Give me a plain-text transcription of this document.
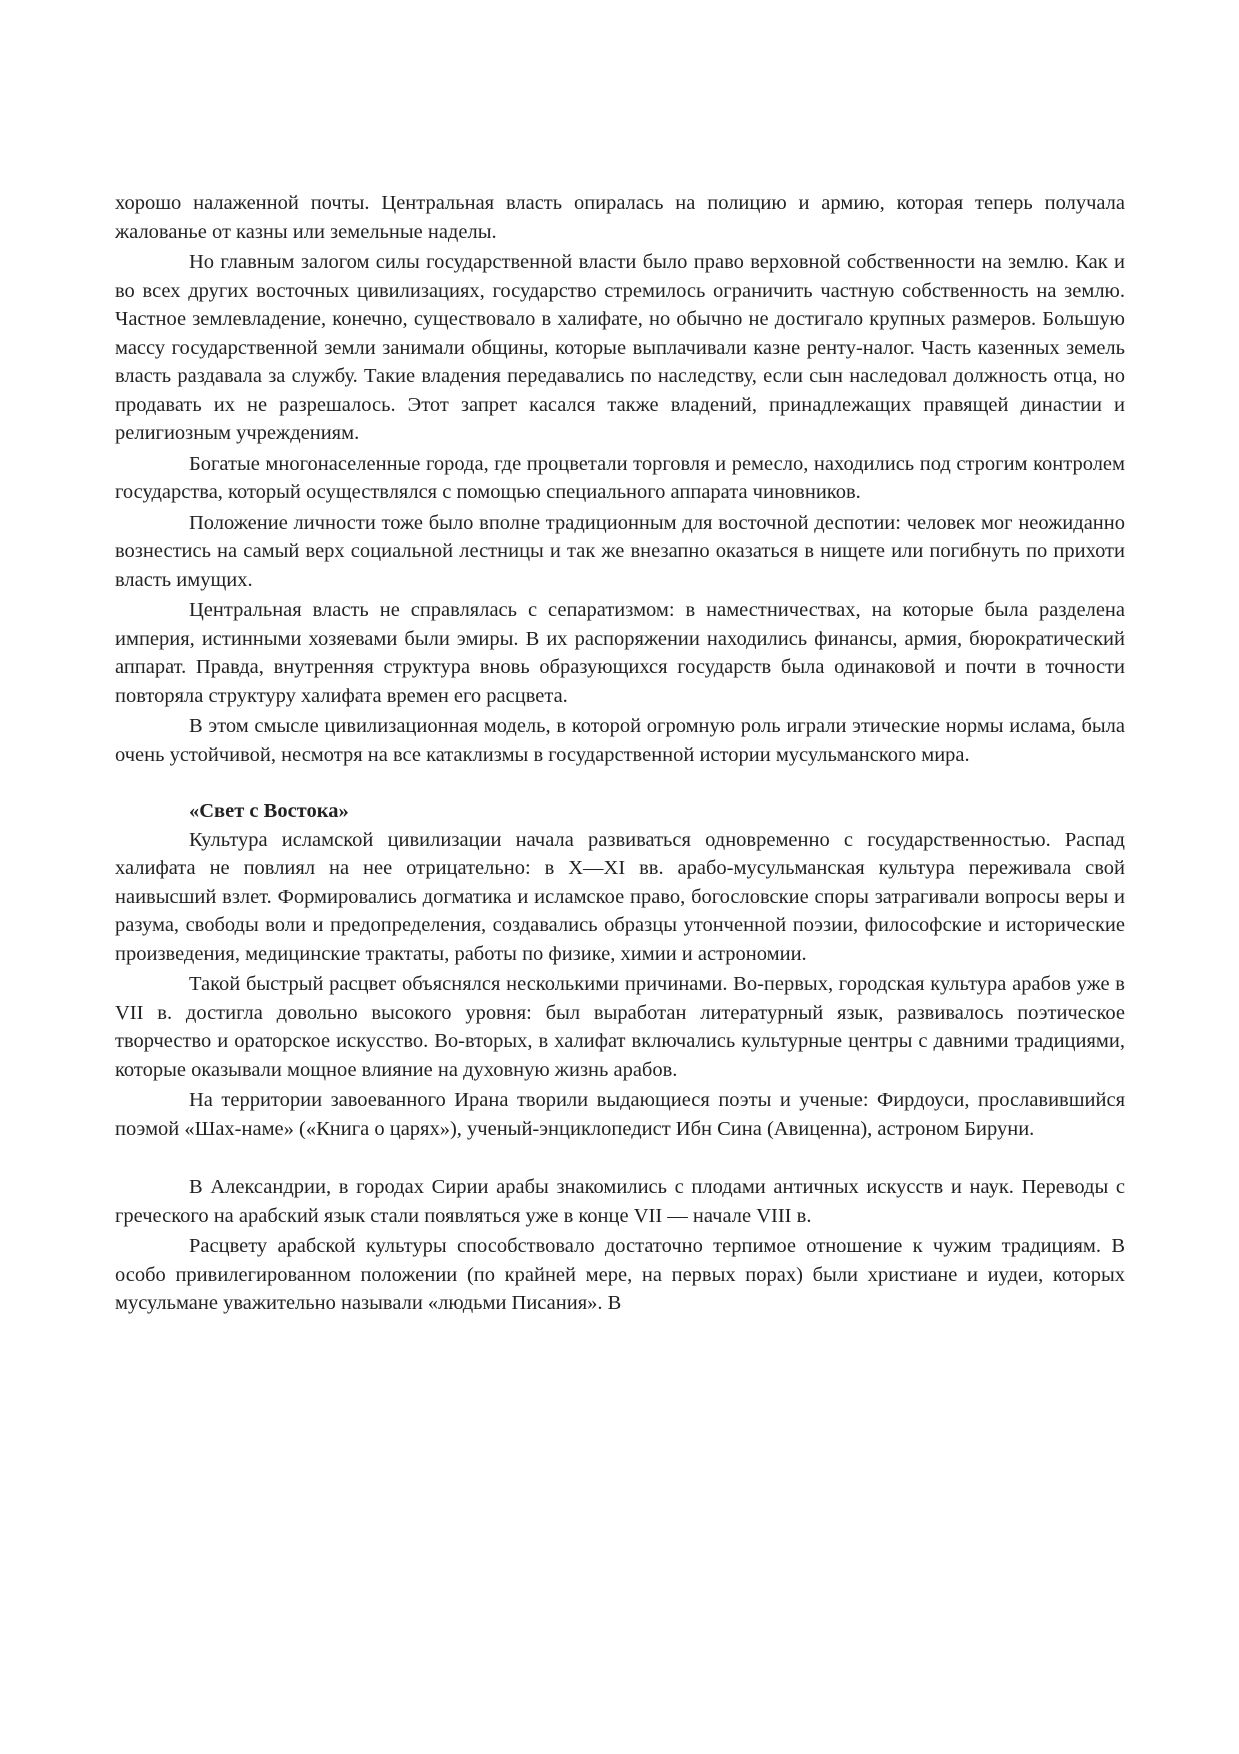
хорошо налаженной почты. Центральная власть опиралась на полицию и армию, которая теперь получала жалованье от казны или земельные наделы.

Но главным залогом силы государственной власти было право верховной собственности на землю. Как и во всех других восточных цивилизациях, государство стремилось ограничить частную собственность на землю. Частное землевладение, конечно, существовало в халифате, но обычно не достигало крупных размеров. Большую массу государственной земли занимали общины, которые выплачивали казне ренту-налог. Часть казенных земель власть раздавала за службу. Такие владения передавались по наследству, если сын наследовал должность отца, но продавать их не разрешалось. Этот запрет касался также владений, принадлежащих правящей династии и религиозным учреждениям.

Богатые многонаселенные города, где процветали торговля и ремесло, находились под строгим контролем государства, который осуществлялся с помощью специального аппарата чиновников.

Положение личности тоже было вполне традиционным для восточной деспотии: человек мог неожиданно вознестись на самый верх социальной лестницы и так же внезапно оказаться в нищете или погибнуть по прихоти власть имущих.

Центральная власть не справлялась с сепаратизмом: в наместничествах, на которые была разделена империя, истинными хозяевами были эмиры. В их распоряжении находились финансы, армия, бюрократический аппарат. Правда, внутренняя структура вновь образующихся государств была одинаковой и почти в точности повторяла структуру халифата времен его расцвета.

В этом смысле цивилизационная модель, в которой огромную роль играли этические нормы ислама, была очень устойчивой, несмотря на все катаклизмы в государственной истории мусульманского мира.

«Свет с Востока»

Культура исламской цивилизации начала развиваться одновременно с государственностью. Распад халифата не повлиял на нее отрицательно: в X—XI вв. арабо-мусульманская культура переживала свой наивысший взлет. Формировались догматика и исламское право, богословские споры затрагивали вопросы веры и разума, свободы воли и предопределения, создавались образцы утонченной поэзии, философские и исторические произведения, медицинские трактаты, работы по физике, химии и астрономии.

Такой быстрый расцвет объяснялся несколькими причинами. Во-первых, городская культура арабов уже в VII в. достигла довольно высокого уровня: был выработан литературный язык, развивалось поэтическое творчество и ораторское искусство. Во-вторых, в халифат включались культурные центры с давними традициями, которые оказывали мощное влияние на духовную жизнь арабов.

На территории завоеванного Ирана творили выдающиеся поэты и ученые: Фирдоуси, прославившийся поэмой «Шах-наме» («Книга о царях»), ученый-энциклопедист Ибн Сина (Авиценна), астроном Бируни.

В Александрии, в городах Сирии арабы знакомились с плодами античных искусств и наук. Переводы с греческого на арабский язык стали появляться уже в конце VII — начале VIII в.

Расцвету арабской культуры способствовало достаточно терпимое отношение к чужим традициям. В особо привилегированном положении (по крайней мере, на первых порах) были христиане и иудеи, которых мусульмане уважительно называли «людьми Писания». В
